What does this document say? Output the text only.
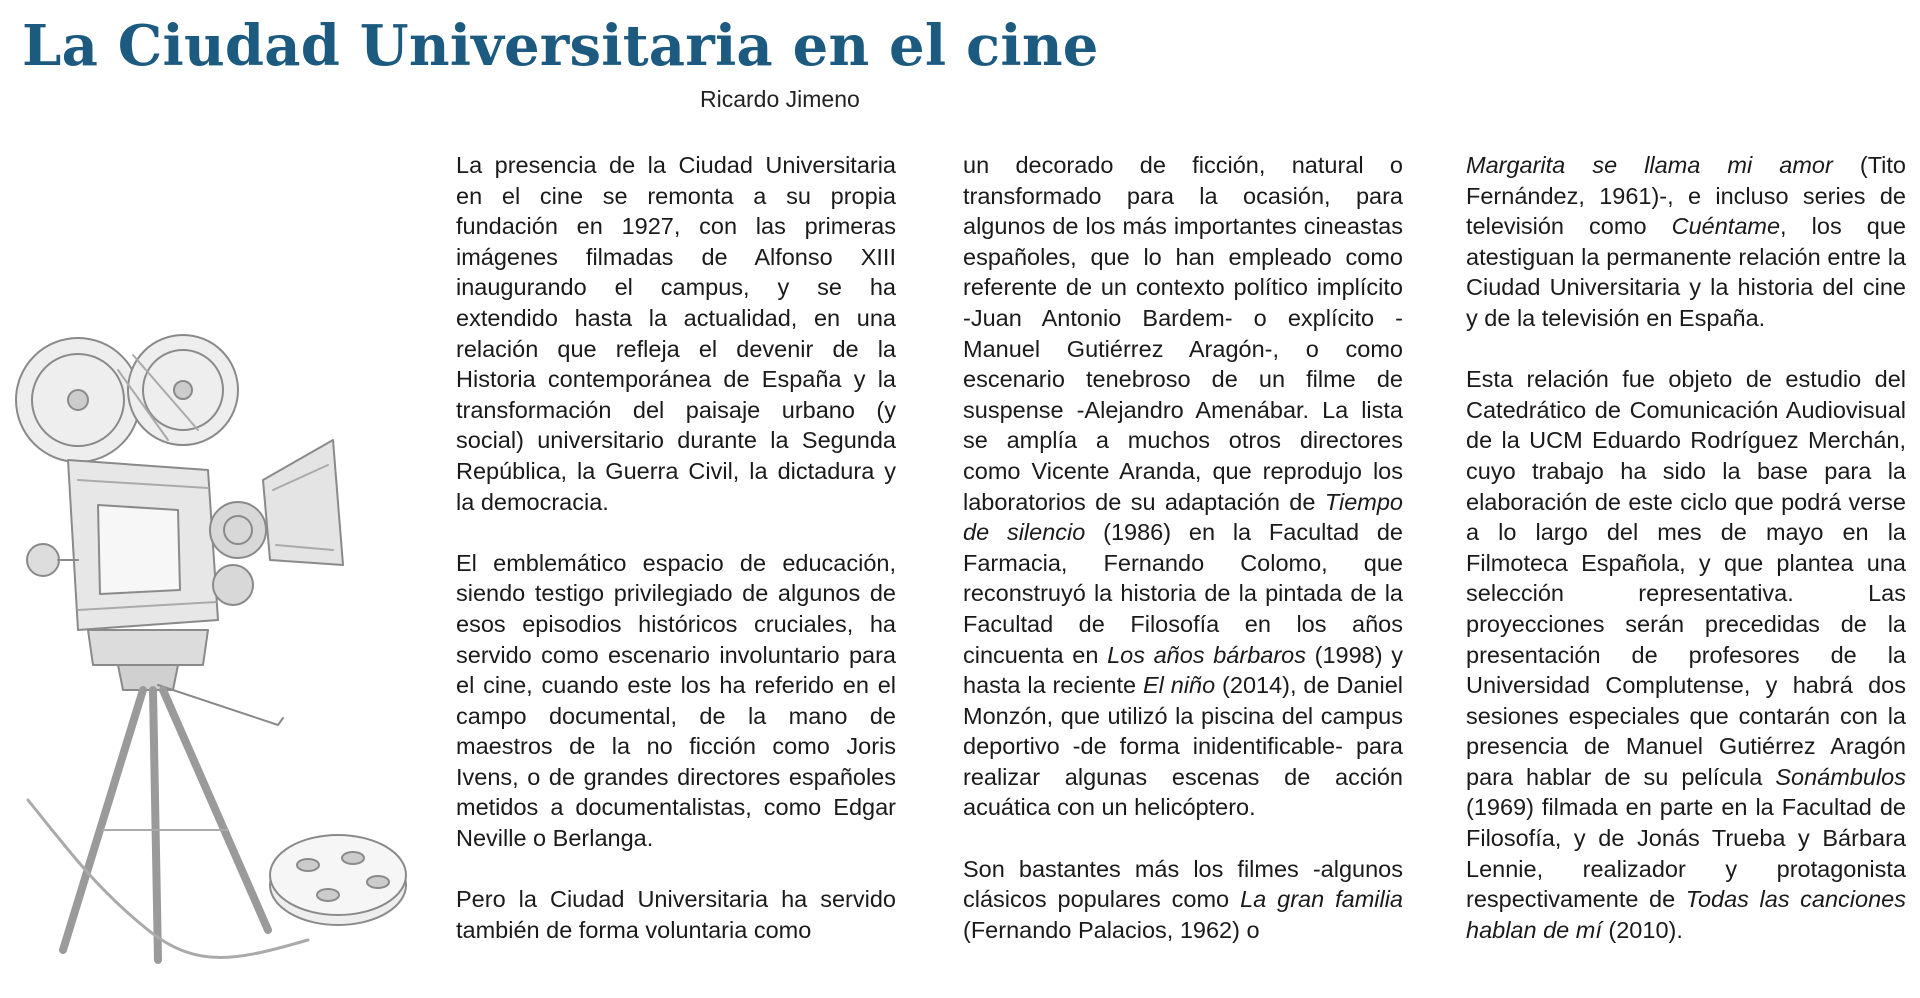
La Ciudad Universitaria en el cine
Ricardo Jimeno

La presencia de la Ciudad Universitaria en el cine se remonta a su propia fundación en 1927, con las primeras imágenes filmadas de Alfonso XIII inaugurando el campus, y se ha extendido hasta la actualidad, en una relación que refleja el devenir de la Historia contemporánea de España y la transformación del paisaje urbano (y social) universitario durante la Segunda República, la Guerra Civil, la dictadura y la democracia.

El emblemático espacio de educación, siendo testigo privilegiado de algunos de esos episodios históricos cruciales, ha servido como escenario involuntario para el cine, cuando este los ha referido en el campo documental, de la mano de maestros de la no ficción como Joris Ivens, o de grandes directores españoles metidos a documentalistas, como Edgar Neville o Berlanga.

Pero la Ciudad Universitaria ha servido también de forma voluntaria como

un decorado de ficción, natural o transformado para la ocasión, para algunos de los más importantes cineastas españoles, que lo han empleado como referente de un contexto político implícito -Juan Antonio Bardem- o explícito -Manuel Gutiérrez Aragón-, o como escenario tenebroso de un filme de suspense -Alejandro Amenábar. La lista se amplía a muchos otros directores como Vicente Aranda, que reprodujo los laboratorios de su adaptación de Tiempo de silencio (1986) en la Facultad de Farmacia, Fernando Colomo, que reconstruyó la historia de la pintada de la Facultad de Filosofía en los años cincuenta en Los años bárbaros (1998) y hasta la reciente El niño (2014), de Daniel Monzón, que utilizó la piscina del campus deportivo -de forma inidentificable- para realizar algunas escenas de acción acuática con un helicóptero.

Son bastantes más los filmes -algunos clásicos populares como La gran familia (Fernando Palacios, 1962) o

Margarita se llama mi amor (Tito Fernández, 1961)-, e incluso series de televisión como Cuéntame, los que atestiguan la permanente relación entre la Ciudad Universitaria y la historia del cine y de la televisión en España.

Esta relación fue objeto de estudio del Catedrático de Comunicación Audiovisual de la UCM Eduardo Rodríguez Merchán, cuyo trabajo ha sido la base para la elaboración de este ciclo que podrá verse a lo largo del mes de mayo en la Filmoteca Española, y que plantea una selección representativa. Las proyecciones serán precedidas de la presentación de profesores de la Universidad Complutense, y habrá dos sesiones especiales que contarán con la presencia de Manuel Gutiérrez Aragón para hablar de su película Sonámbulos (1969) filmada en parte en la Facultad de Filosofía, y de Jonás Trueba y Bárbara Lennie, realizador y protagonista respectivamente de Todas las canciones hablan de mí (2010).
